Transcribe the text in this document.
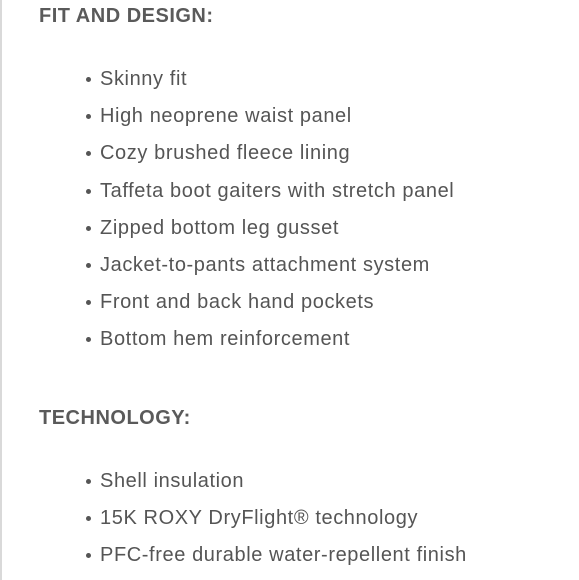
FIT AND DESIGN:
Skinny fit
High neoprene waist panel
Cozy brushed fleece lining
Taffeta boot gaiters with stretch panel
Zipped bottom leg gusset
Jacket-to-pants attachment system
Front and back hand pockets
Bottom hem reinforcement
TECHNOLOGY:
Shell insulation
15K ROXY DryFlight® technology
PFC-free durable water-repellent finish
